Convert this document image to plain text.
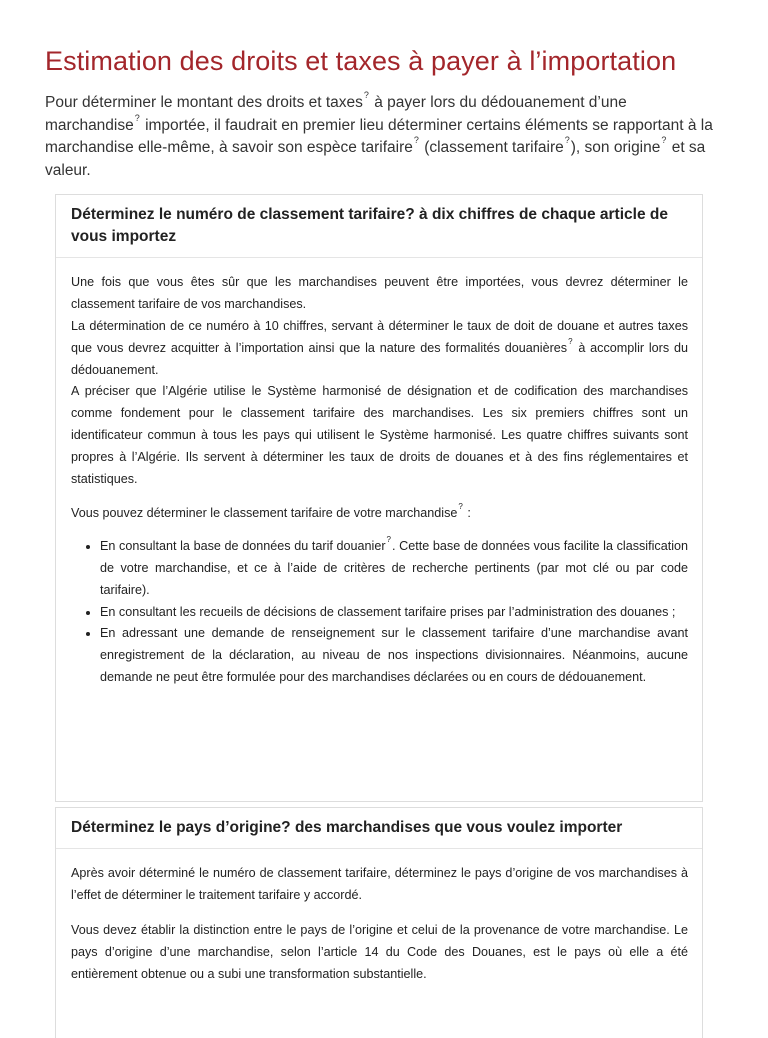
Estimation des droits et taxes à payer à l’importation

Pour déterminer le montant des droits et taxes? à payer lors du dédouanement d’une marchandise? importée, il faudrait en premier lieu déterminer certains éléments se rapportant à la marchandise elle-même, à savoir son espèce tarifaire? (classement tarifaire?), son origine? et sa valeur.

Déterminez le numéro de classement tarifaire? à dix chiffres de chaque article de vous importez

Une fois que vous êtes sûr que les marchandises peuvent être importées, vous devrez déterminer le classement tarifaire de vos marchandises.

La détermination de ce numéro à 10 chiffres, servant à déterminer le taux de doit de douane et autres taxes que vous devrez acquitter à l’importation ainsi que la nature des formalités douanières? à accomplir lors du dédouanement.

A préciser que l’Algérie utilise le Système harmonisé de désignation et de codification des marchandises comme fondement pour le classement tarifaire des marchandises. Les six premiers chiffres sont un identificateur commun à tous les pays qui utilisent le Système harmonisé. Les quatre chiffres suivants sont propres à l’Algérie. Ils servent à déterminer les taux de droits de douanes et à des fins réglementaires et statistiques.

Vous pouvez déterminer le classement tarifaire de votre marchandise? :

• En consultant la base de données du tarif douanier?. Cette base de données vous facilite la classification de votre marchandise, et ce à l’aide de critères de recherche pertinents (par mot clé ou par code tarifaire).
• En consultant les recueils de décisions de classement tarifaire prises par l’administration des douanes ;
• En adressant une demande de renseignement sur le classement tarifaire d’une marchandise avant enregistrement de la déclaration, au niveau de nos inspections divisionnaires. Néanmoins, aucune demande ne peut être formulée pour des marchandises déclarées ou en cours de dédouanement.
Déterminez le pays d’origine? des marchandises que vous voulez importer

Après avoir déterminé le numéro de classement tarifaire, déterminez le pays d’origine de vos marchandises à l’effet de déterminer le traitement tarifaire y accordé.

Vous devez établir la distinction entre le pays de l’origine et celui de la provenance de votre marchandise. Le pays d’origine d’une marchandise, selon l’article 14 du Code des Douanes, est le pays où elle a été entièrement obtenue ou a subi une transformation substantielle.
